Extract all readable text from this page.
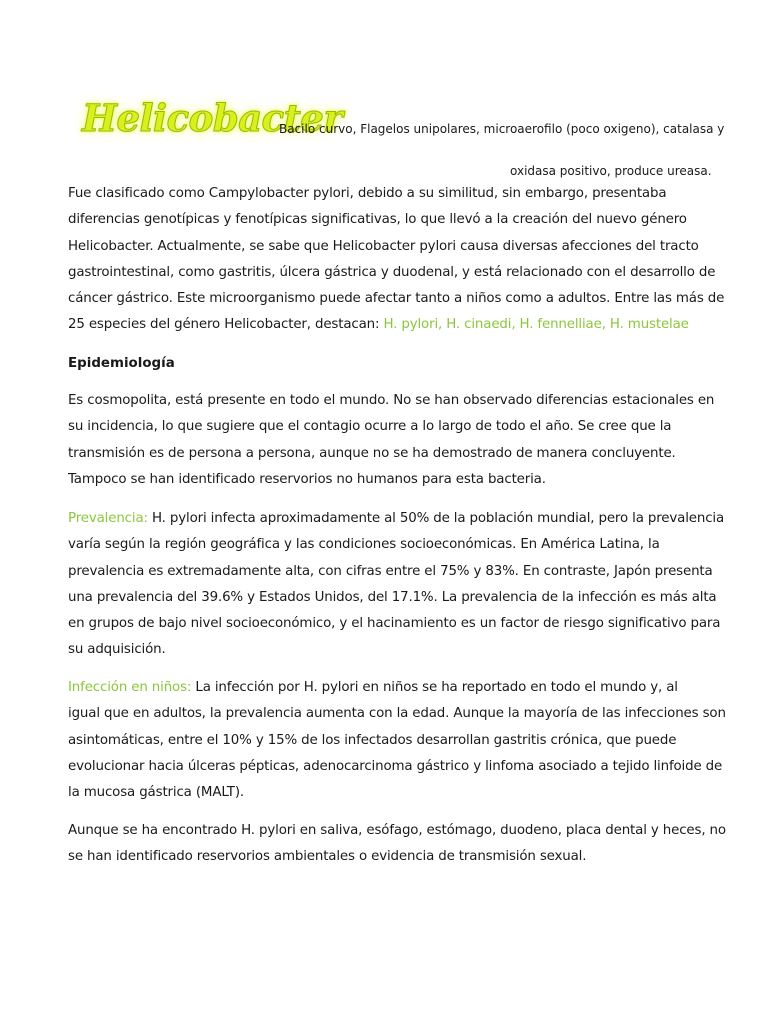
Helicobacter
Bacilo curvo, Flagelos unipolares, microaerofilo (poco oxigeno), catalasa y
oxidasa positivo, produce ureasa.
Fue clasificado como Campylobacter pylori, debido a su similitud, sin embargo, presentaba
diferencias genotípicas y fenotípicas significativas, lo que llevó a la creación del nuevo género
Helicobacter. Actualmente, se sabe que Helicobacter pylori causa diversas afecciones del tracto
gastrointestinal, como gastritis, úlcera gástrica y duodenal, y está relacionado con el desarrollo de
cáncer gástrico. Este microorganismo puede afectar tanto a niños como a adultos. Entre las más de
25 especies del género Helicobacter, destacan: H. pylori, H. cinaedi, H. fennelliae, H. mustelae
Epidemiología
Es cosmopolita, está presente en todo el mundo. No se han observado diferencias estacionales en
su incidencia, lo que sugiere que el contagio ocurre a lo largo de todo el año. Se cree que la
transmisión es de persona a persona, aunque no se ha demostrado de manera concluyente.
Tampoco se han identificado reservorios no humanos para esta bacteria.
Prevalencia: H. pylori infecta aproximadamente al 50% de la población mundial, pero la prevalencia
varía según la región geográfica y las condiciones socioeconómicas. En América Latina, la
prevalencia es extremadamente alta, con cifras entre el 75% y 83%. En contraste, Japón presenta
una prevalencia del 39.6% y Estados Unidos, del 17.1%. La prevalencia de la infección es más alta
en grupos de bajo nivel socioeconómico, y el hacinamiento es un factor de riesgo significativo para
su adquisición.
Infección en niños: La infección por H. pylori en niños se ha reportado en todo el mundo y, al
igual que en adultos, la prevalencia aumenta con la edad. Aunque la mayoría de las infecciones son
asintomáticas, entre el 10% y 15% de los infectados desarrollan gastritis crónica, que puede
evolucionar hacia úlceras pépticas, adenocarcinoma gástrico y linfoma asociado a tejido linfoide de
la mucosa gástrica (MALT).
Aunque se ha encontrado H. pylori en saliva, esófago, estómago, duodeno, placa dental y heces, no
se han identificado reservorios ambientales o evidencia de transmisión sexual.
